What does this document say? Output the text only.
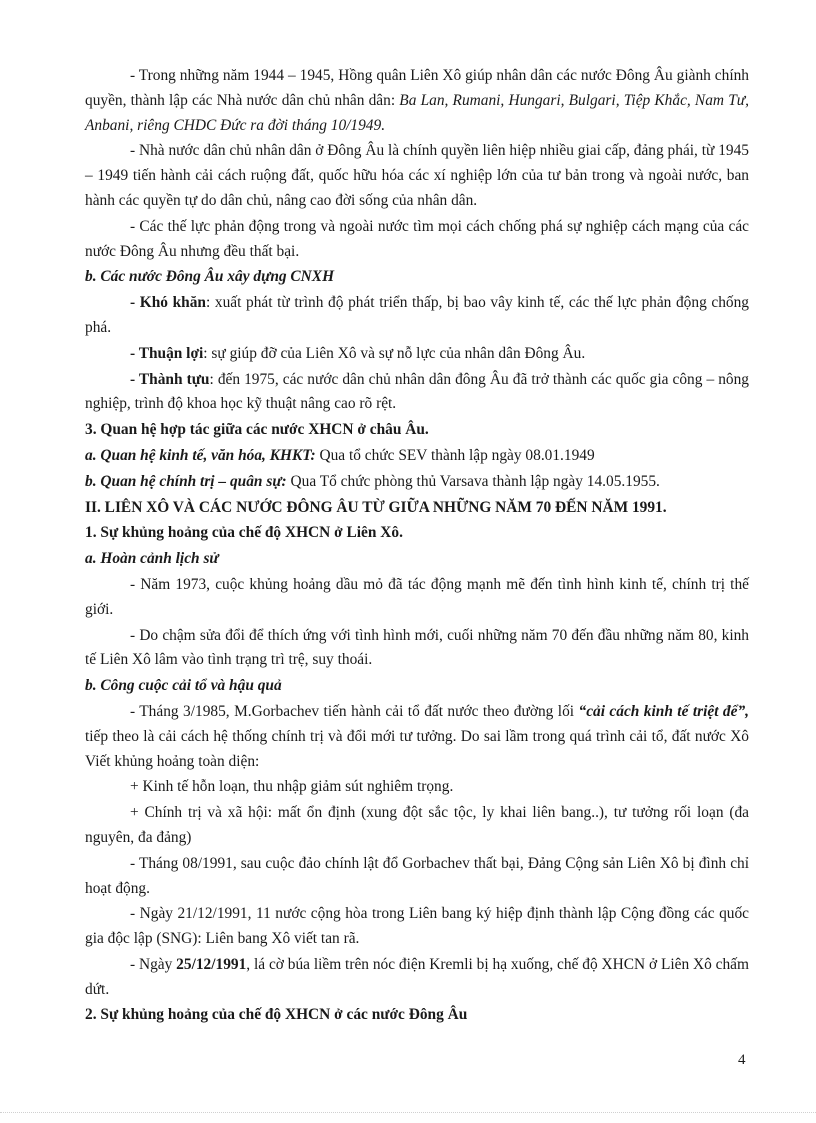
- Trong những năm 1944 – 1945, Hồng quân Liên Xô giúp nhân dân các nước Đông Âu giành chính quyền, thành lập các Nhà nước dân chủ nhân dân: Ba Lan, Rumani, Hungari, Bulgari, Tiệp Khắc, Nam Tư, Anbani, riêng CHDC Đức ra đời tháng 10/1949.

- Nhà nước dân chủ nhân dân ở Đông Âu là chính quyền liên hiệp nhiều giai cấp, đảng phái, từ 1945 – 1949 tiến hành cải cách ruộng đất, quốc hữu hóa các xí nghiệp lớn của tư bản trong và ngoài nước, ban hành các quyền tự do dân chủ, nâng cao đời sống của nhân dân.

- Các thế lực phản động trong và ngoài nước tìm mọi cách chống phá sự nghiệp cách mạng của các nước Đông Âu nhưng đều thất bại.

b. Các nước Đông Âu xây dựng CNXH

- Khó khăn: xuất phát từ trình độ phát triển thấp, bị bao vây kinh tế, các thế lực phản động chống phá.

- Thuận lợi: sự giúp đỡ của Liên Xô và sự nỗ lực của nhân dân Đông Âu.

- Thành tựu: đến 1975, các nước dân chủ nhân dân đông Âu đã trở thành các quốc gia công – nông nghiệp, trình độ khoa học kỹ thuật nâng cao rõ rệt.

3. Quan hệ hợp tác giữa các nước XHCN ở châu Âu.

a. Quan hệ kinh tế, văn hóa, KHKT: Qua tổ chức SEV thành lập ngày 08.01.1949

b. Quan hệ chính trị – quân sự: Qua Tổ chức phòng thủ Varsava thành lập ngày 14.05.1955.

II. LIÊN XÔ VÀ CÁC NƯỚC ĐÔNG ÂU TỪ GIỮA NHỮNG NĂM 70 ĐẾN NĂM 1991.

1. Sự khủng hoảng của chế độ XHCN ở Liên Xô.

a. Hoàn cảnh lịch sử

- Năm 1973, cuộc khủng hoảng dầu mỏ đã tác động mạnh mẽ đến tình hình kinh tế, chính trị thế giới.

- Do chậm sửa đổi để thích ứng với tình hình mới, cuối những năm 70 đến đầu những năm 80, kinh tế Liên Xô lâm vào tình trạng trì trệ, suy thoái.

b. Công cuộc cải tổ và hậu quả

- Tháng 3/1985, M.Gorbachev tiến hành cải tổ đất nước theo đường lối “cải cách kinh tế triệt để”, tiếp theo là cải cách hệ thống chính trị và đổi mới tư tưởng. Do sai lầm trong quá trình cải tổ, đất nước Xô Viết khủng hoảng toàn diện:

+ Kinh tế hỗn loạn, thu nhập giảm sút nghiêm trọng.

+ Chính trị và xã hội: mất ổn định (xung đột sắc tộc, ly khai liên bang..), tư tưởng rối loạn (đa nguyên, đa đảng)

- Tháng 08/1991, sau cuộc đảo chính lật đổ Gorbachev thất bại, Đảng Cộng sản Liên Xô bị đình chỉ hoạt động.

- Ngày 21/12/1991, 11 nước cộng hòa trong Liên bang ký hiệp định thành lập Cộng đồng các quốc gia độc lập (SNG): Liên bang Xô viết tan rã.

- Ngày 25/12/1991, lá cờ búa liềm trên nóc điện Kremli bị hạ xuống, chế độ XHCN ở Liên Xô chấm dứt.

2. Sự khủng hoảng của chế độ XHCN ở các nước Đông Âu

4
